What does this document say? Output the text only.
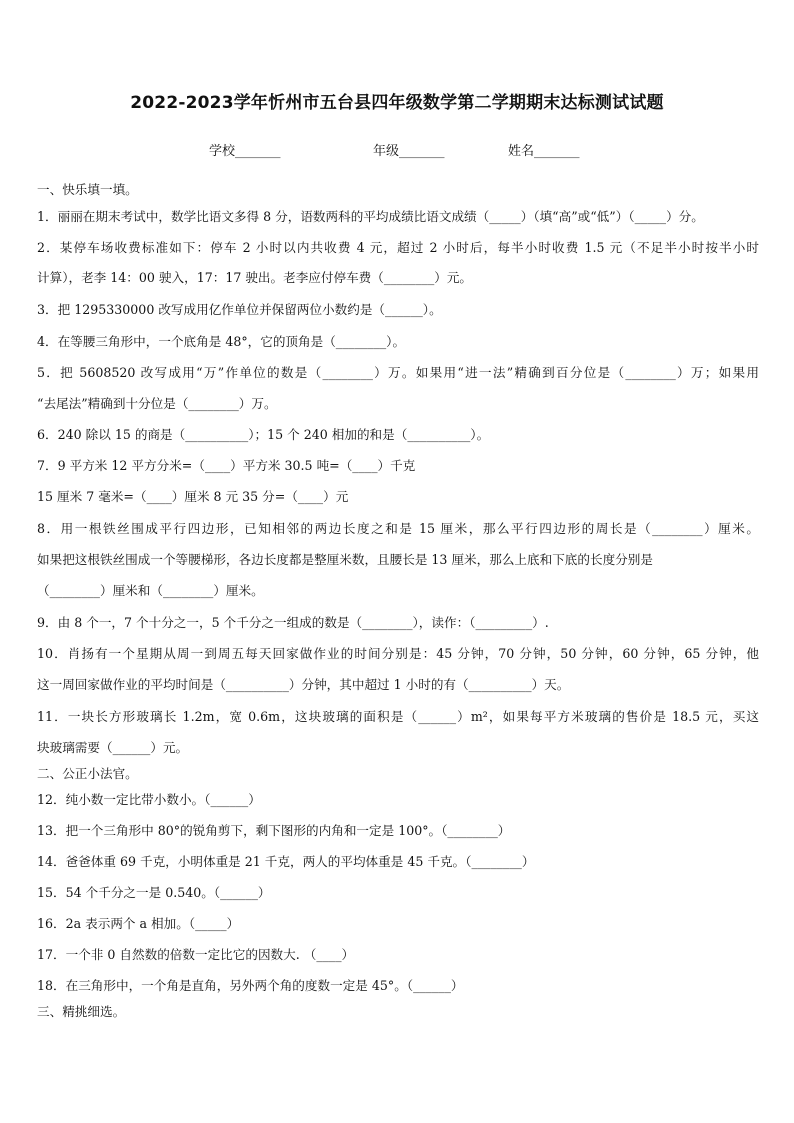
2022-2023学年忻州市五台县四年级数学第二学期期末达标测试试题
学校_______	年级_______	姓名_______
一、快乐填一填。
1．丽丽在期末考试中，数学比语文多得 8 分，语数两科的平均成绩比语文成绩（_____）（填“高”或“低”）（_____）分。
2．某停车场收费标准如下：停车 2 小时以内共收费 4 元，超过 2 小时后，每半小时收费 1.5 元（不足半小时按半小时
计算），老李 14：00 驶入，17：17 驶出。老李应付停车费（________）元。
3．把 1295330000 改写成用亿作单位并保留两位小数约是（______）。
4．在等腰三角形中，一个底角是 48°，它的顶角是（________）。
5．把 5608520 改写成用“万”作单位的数是（________）万。如果用“进一法”精确到百分位是（________）万；如果用
“去尾法”精确到十分位是（________）万。
6．240 除以 15 的商是（__________）；15 个 240 相加的和是（__________）。
7．9 平方米 12 平方分米=（____）平方米 30.5 吨=（____）千克
15 厘米 7 毫米=（____）厘米 8 元 35 分=（____）元
8．用一根铁丝围成平行四边形，已知相邻的两边长度之和是 15 厘米，那么平行四边形的周长是（________）厘米。
如果把这根铁丝围成一个等腰梯形，各边长度都是整厘米数，且腰长是 13 厘米，那么上底和下底的长度分别是
（________）厘米和（________）厘米。
9．由 8 个一，7 个十分之一，5 个千分之一组成的数是（________），读作：（_________）.
10．肖扬有一个星期从周一到周五每天回家做作业的时间分别是：45 分钟，70 分钟，50 分钟，60 分钟，65 分钟，他
这一周回家做作业的平均时间是（__________）分钟，其中超过 1 小时的有（__________）天。
11．一块长方形玻璃长 1.2m，宽 0.6m，这块玻璃的面积是（______）m²，如果每平方米玻璃的售价是 18.5 元，买这
块玻璃需要（______）元。
二、公正小法官。
12．纯小数一定比带小数小。（______）
13．把一个三角形中 80°的锐角剪下，剩下图形的内角和一定是 100°。（________）
14．爸爸体重 69 千克，小明体重是 21 千克，两人的平均体重是 45 千克。（________）
15．54 个千分之一是 0.540。（______）
16．2a 表示两个 a 相加。（_____）
17．一个非 0 自然数的倍数一定比它的因数大. （____）
18．在三角形中，一个角是直角，另外两个角的度数一定是 45°。（______）
三、精挑细选。
